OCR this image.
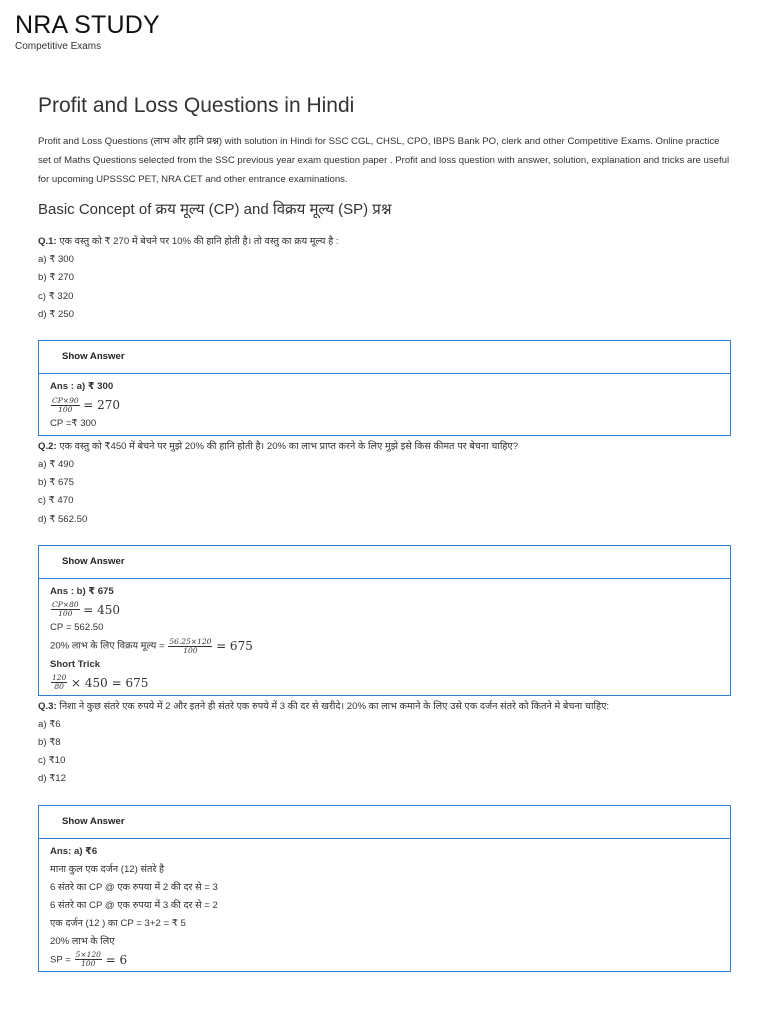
NRA STUDY
Competitive Exams
Profit and Loss Questions in Hindi

Profit and Loss Questions (लाभ और हानि प्रश्न) with solution in Hindi for SSC CGL, CHSL, CPO, IBPS Bank PO, clerk and other Competitive Exams. Online practice set of Maths Questions selected from the SSC previous year exam question paper . Profit and loss question with answer, solution, explanation and tricks are useful for upcoming UPSSSC PET, NRA CET and other entrance examinations.

Basic Concept of क्रय मूल्य (CP) and विक्रय मूल्य (SP) प्रश्न
Q.1: एक वस्तु को ₹ 270 में बेचने पर 10% की हानि होती है। तो वस्तु का क्रय मूल्य है :
a) ₹ 300
b) ₹ 270
c) ₹ 320
d) ₹ 250
Show Answer
Ans : a) ₹ 300
$\frac{CP\times 90}{100} = 270$
CP =₹ 300
Q.2: एक वस्तु को ₹450 में बेचने पर मुझे 20% की हानि होती है। 20% का लाभ प्राप्त करने के लिए मुझे इसे किस कीमत पर बेचना चाहिए?
a) ₹ 490
b) ₹ 675
c) ₹ 470
d) ₹ 562.50
Show Answer
Ans : b) ₹ 675
$\frac{CP\times 80}{100} = 450$
CP = 562.50
20% लाभ के लिए विक्रय मूल्य = $\frac{56.25\times 120}{100} = 675$
Short Trick
$\frac{120}{80} \times 450 = 675$
Q.3: निशा ने कुछ संतरे एक रुपये में 2 और इतने ही संतरे एक रुपये में 3 की दर से खरीदे। 20% का लाभ कमाने के लिए उसे एक दर्जन संतरे को कितने मे बेचना चाहिए:
a) ₹6
b) ₹8
c) ₹10
d) ₹12
Show Answer
Ans: a) ₹6
माना कुल एक दर्जन (12) संतरे है
6 संतरे का CP @ एक रुपया में 2 की दर से = 3
6 संतरे का CP @ एक रुपया में 3 की दर से = 2
एक दर्जन (12 ) का CP = 3+2 = ₹ 5
20% लाभ के लिए
SP = $\frac{5\times 120}{100} = 6$
